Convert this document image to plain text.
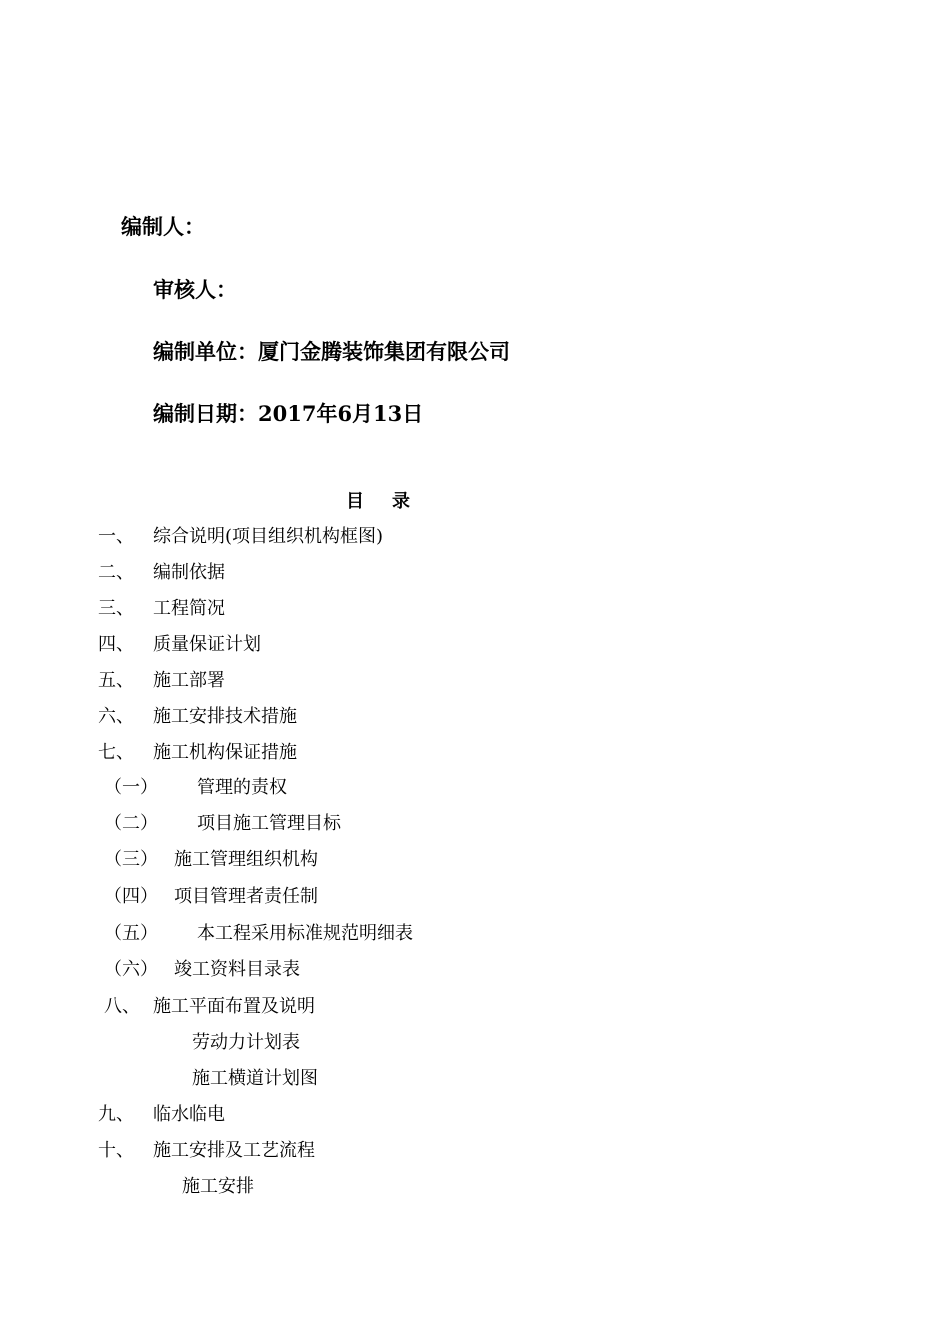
编制人：
审核人：
编制单位：厦门金腾装饰集团有限公司
编制日期：2017年6月13日
目录
一、 综合说明(项目组织机构框图)
二、 编制依据
三、 工程简况
四、 质量保证计划
五、 施工部署
六、 施工安排技术措施
七、 施工机构保证措施
（一） 管理的责权
（二） 项目施工管理目标
（三） 施工管理组织机构
（四） 项目管理者责任制
（五） 本工程采用标准规范明细表
（六） 竣工资料目录表
八、 施工平面布置及说明
劳动力计划表
施工横道计划图
九、 临水临电
十、 施工安排及工艺流程
施工安排
